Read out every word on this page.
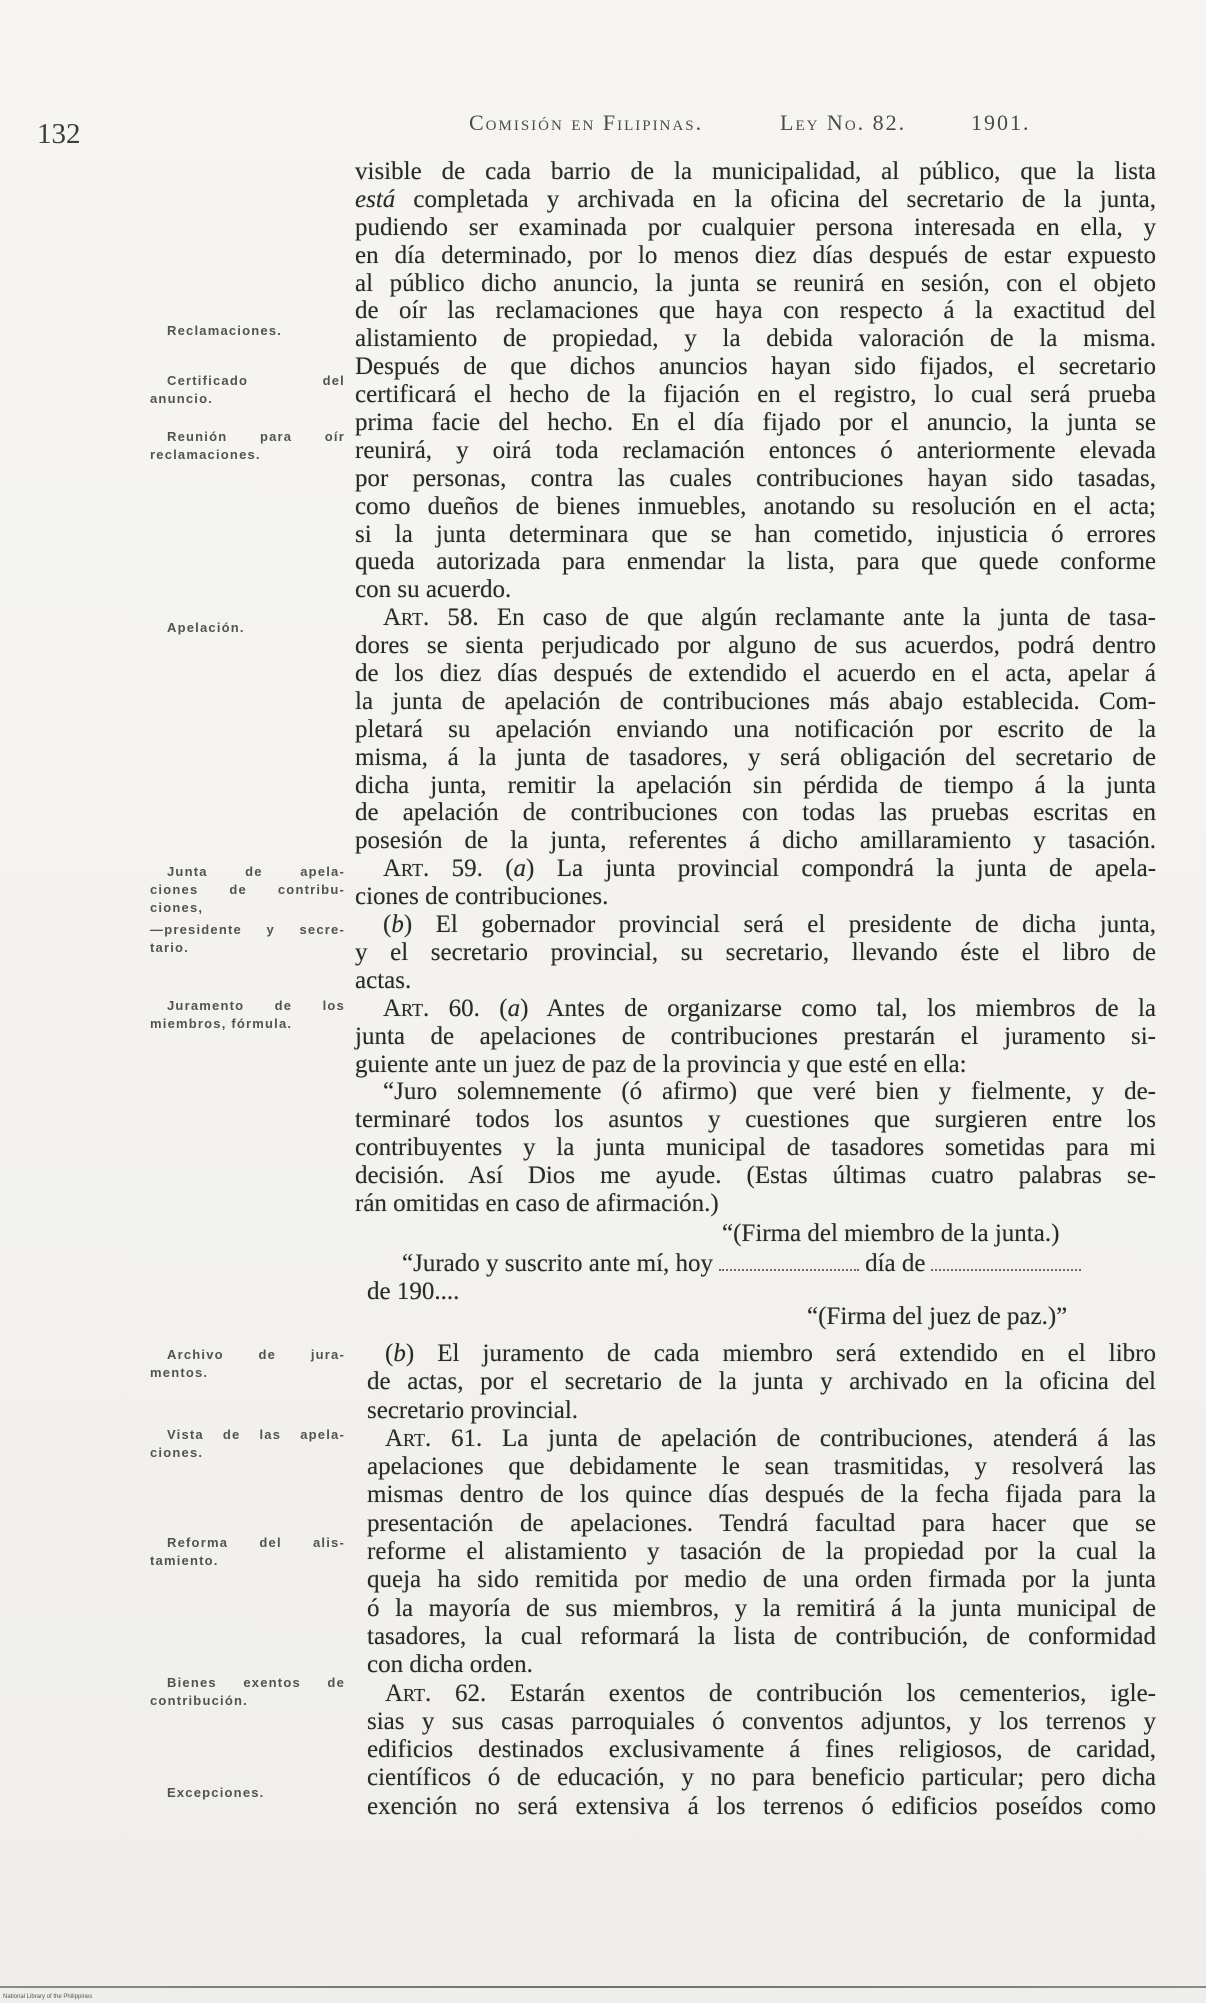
132	Comisión en Filipinas.	Ley No. 82.	1901.
Reclamaciones.
Certificado del
anuncio.
Reunión para oír
reclamaciones.
Apelación.
Junta de apela-
ciones de contribu-
ciones,
—presidente y secre-
tario.
Juramento de los
miembros, fórmula.
Archivo de jura-
mentos.
Vista de las apela-
ciones.
Reforma del alis-
tamiento.
Bienes exentos de
contribución.
Excepciones.
visible de cada barrio de la municipalidad, al público, que la lista
está completada y archivada en la oficina del secretario de la junta,
pudiendo ser examinada por cualquier persona interesada en ella, y
en día determinado, por lo menos diez días después de estar expuesto
al público dicho anuncio, la junta se reunirá en sesión, con el objeto
de oír las reclamaciones que haya con respecto á la exactitud del
alistamiento de propiedad, y la debida valoración de la misma.
Después de que dichos anuncios hayan sido fijados, el secretario
certificará el hecho de la fijación en el registro, lo cual será prueba
prima facie del hecho. En el día fijado por el anuncio, la junta se
reunirá, y oirá toda reclamación entonces ó anteriormente elevada
por personas, contra las cuales contribuciones hayan sido tasadas,
como dueños de bienes inmuebles, anotando su resolución en el acta;
si la junta determinara que se han cometido, injusticia ó errores
queda autorizada para enmendar la lista, para que quede conforme
con su acuerdo.
Art. 58. En caso de que algún reclamante ante la junta de tasa-
dores se sienta perjudicado por alguno de sus acuerdos, podrá dentro
de los diez días después de extendido el acuerdo en el acta, apelar á
la junta de apelación de contribuciones más abajo establecida. Com-
pletará su apelación enviando una notificación por escrito de la
misma, á la junta de tasadores, y será obligación del secretario de
dicha junta, remitir la apelación sin pérdida de tiempo á la junta
de apelación de contribuciones con todas las pruebas escritas en
posesión de la junta, referentes á dicho amillaramiento y tasación.
Art. 59. (a) La junta provincial compondrá la junta de apela-
ciones de contribuciones.
(b) El gobernador provincial será el presidente de dicha junta,
y el secretario provincial, su secretario, llevando éste el libro de
actas.
Art. 60. (a) Antes de organizarse como tal, los miembros de la
junta de apelaciones de contribuciones prestarán el juramento si-
guiente ante un juez de paz de la provincia y que esté en ella:
“Juro solemnemente (ó afirmo) que veré bien y fielmente, y de-
terminaré todos los asuntos y cuestiones que surgieren entre los
contribuyentes y la junta municipal de tasadores sometidas para mi
decisión. Así Dios me ayude. (Estas últimas cuatro palabras se-
rán omitidas en caso de afirmación.)
“(Firma del miembro de la junta.)
“Jurado y suscrito ante mí, hoy	día de
de 190....
“(Firma del juez de paz.)”
(b) El juramento de cada miembro será extendido en el libro
de actas, por el secretario de la junta y archivado en la oficina del
secretario provincial.
Art. 61. La junta de apelación de contribuciones, atenderá á las
apelaciones que debidamente le sean trasmitidas, y resolverá las
mismas dentro de los quince días después de la fecha fijada para la
presentación de apelaciones. Tendrá facultad para hacer que se
reforme el alistamiento y tasación de la propiedad por la cual la
queja ha sido remitida por medio de una orden firmada por la junta
ó la mayoría de sus miembros, y la remitirá á la junta municipal de
tasadores, la cual reformará la lista de contribución, de conformidad
con dicha orden.
Art. 62. Estarán exentos de contribución los cementerios, igle-
sias y sus casas parroquiales ó conventos adjuntos, y los terrenos y
edificios destinados exclusivamente á fines religiosos, de caridad,
científicos ó de educación, y no para beneficio particular; pero dicha
exención no será extensiva á los terrenos ó edificios poseídos como
National Library of the Philippines
